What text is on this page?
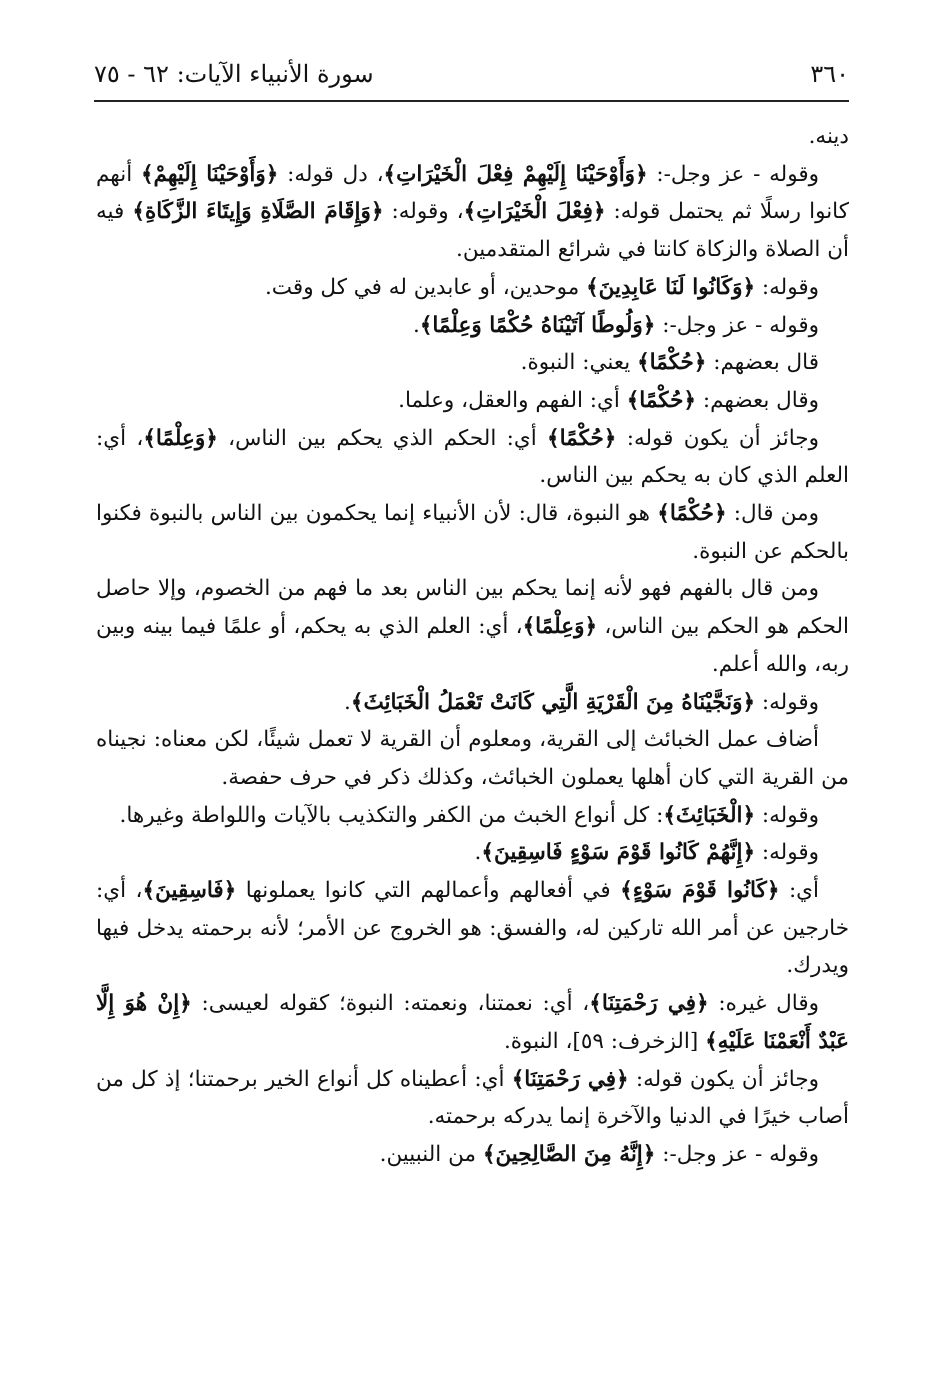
٣٦٠
سورة الأنبياء الآيات: ٦٢ - ٧٥

دينه.

وقوله - عز وجل-: ﴿وَأَوْحَيْنَا إِلَيْهِمْ فِعْلَ الْخَيْرَاتِ﴾، دل قوله: ﴿وَأَوْحَيْنَا إِلَيْهِمْ﴾ أنهم كانوا رسلًا ثم يحتمل قوله: ﴿فِعْلَ الْخَيْرَاتِ﴾، وقوله: ﴿وَإِقَامَ الصَّلَاةِ وَإِيتَاءَ الزَّكَاةِ﴾ فيه أن الصلاة والزكاة كانتا في شرائع المتقدمين.

وقوله: ﴿وَكَانُوا لَنَا عَابِدِينَ﴾ موحدين، أو عابدين له في كل وقت.

وقوله - عز وجل-: ﴿وَلُوطًا آتَيْنَاهُ حُكْمًا وَعِلْمًا﴾.

قال بعضهم: ﴿حُكْمًا﴾ يعني: النبوة.

وقال بعضهم: ﴿حُكْمًا﴾ أي: الفهم والعقل، وعلما.

وجائز أن يكون قوله: ﴿حُكْمًا﴾ أي: الحكم الذي يحكم بين الناس، ﴿وَعِلْمًا﴾، أي: العلم الذي كان به يحكم بين الناس.

ومن قال: ﴿حُكْمًا﴾ هو النبوة، قال: لأن الأنبياء إنما يحكمون بين الناس بالنبوة فكنوا بالحكم عن النبوة.

ومن قال بالفهم فهو لأنه إنما يحكم بين الناس بعد ما فهم من الخصوم، وإلا حاصل الحكم هو الحكم بين الناس، ﴿وَعِلْمًا﴾، أي: العلم الذي به يحكم، أو علمًا فيما بينه وبين ربه، والله أعلم.

وقوله: ﴿وَنَجَّيْنَاهُ مِنَ الْقَرْيَةِ الَّتِي كَانَتْ تَعْمَلُ الْخَبَائِثَ﴾.

أضاف عمل الخبائث إلى القرية، ومعلوم أن القرية لا تعمل شيئًا، لكن معناه: نجيناه من القرية التي كان أهلها يعملون الخبائث، وكذلك ذكر في حرف حفصة.

وقوله: ﴿الْخَبَائِثَ﴾: كل أنواع الخبث من الكفر والتكذيب بالآيات واللواطة وغيرها.

وقوله: ﴿إِنَّهُمْ كَانُوا قَوْمَ سَوْءٍ فَاسِقِينَ﴾.

أي: ﴿كَانُوا قَوْمَ سَوْءٍ﴾ في أفعالهم وأعمالهم التي كانوا يعملونها ﴿فَاسِقِينَ﴾، أي: خارجين عن أمر الله تاركين له، والفسق: هو الخروج عن الأمر؛ لأنه برحمته يدخل فيها ويدرك.

وقال غيره: ﴿فِي رَحْمَتِنَا﴾، أي: نعمتنا، ونعمته: النبوة؛ كقوله لعيسى: ﴿إِنْ هُوَ إِلَّا عَبْدٌ أَنْعَمْنَا عَلَيْهِ﴾ [الزخرف: ٥٩]، النبوة.

وجائز أن يكون قوله: ﴿فِي رَحْمَتِنَا﴾ أي: أعطيناه كل أنواع الخير برحمتنا؛ إذ كل من أصاب خيرًا في الدنيا والآخرة إنما يدركه برحمته.

وقوله - عز وجل-: ﴿إِنَّهُ مِنَ الصَّالِحِينَ﴾ من النبيين.
